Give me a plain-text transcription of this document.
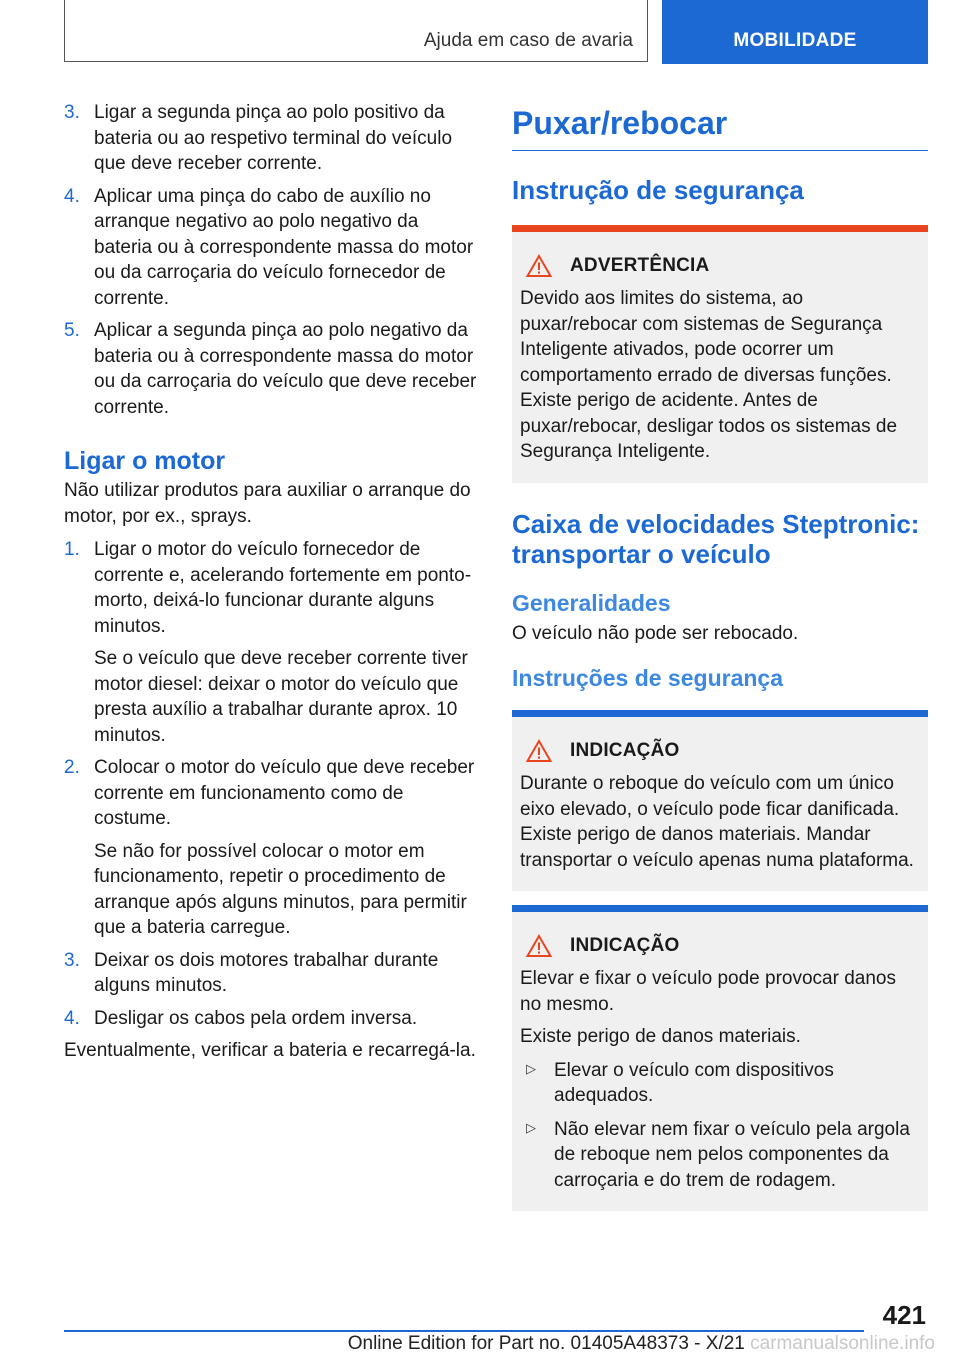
Ajuda em caso de avaria	MOBILIDADE
3. Ligar a segunda pinça ao polo positivo da bateria ou ao respetivo terminal do veículo que deve receber corrente.

4. Aplicar uma pinça do cabo de auxílio no arranque negativo ao polo negativo da bateria ou à correspondente massa do motor ou da carroçaria do veículo fornecedor de corrente.

5. Aplicar a segunda pinça ao polo negativo da bateria ou à correspondente massa do motor ou da carroçaria do veículo que deve receber corrente.

Ligar o motor

Não utilizar produtos para auxiliar o arranque do motor, por ex., sprays.

1. Ligar o motor do veículo fornecedor de corrente e, acelerando fortemente em ponto-morto, deixá-lo funcionar durante alguns minutos.

Se o veículo que deve receber corrente tiver motor diesel: deixar o motor do veículo que presta auxílio a trabalhar durante aprox. 10 minutos.

2. Colocar o motor do veículo que deve receber corrente em funcionamento como de costume.

Se não for possível colocar o motor em funcionamento, repetir o procedimento de arranque após alguns minutos, para permitir que a bateria carregue.

3. Deixar os dois motores trabalhar durante alguns minutos.

4. Desligar os cabos pela ordem inversa.

Eventualmente, verificar a bateria e recarregá-la.

Puxar/rebocar
Instrução de segurança
ADVERTÊNCIA

Devido aos limites do sistema, ao puxar/rebocar com sistemas de Segurança Inteligente ativados, pode ocorrer um comportamento errado de diversas funções. Existe perigo de acidente. Antes de puxar/rebocar, desligar todos os sistemas de Segurança Inteligente.

Caixa de velocidades Steptronic: transportar o veículo
Generalidades

O veículo não pode ser rebocado.

Instruções de segurança
INDICAÇÃO

Durante o reboque do veículo com um único eixo elevado, o veículo pode ficar danificada. Existe perigo de danos materiais. Mandar transportar o veículo apenas numa plataforma.

INDICAÇÃO

Elevar e fixar o veículo pode provocar danos no mesmo.

Existe perigo de danos materiais.

▷ Elevar o veículo com dispositivos adequados.

▷ Não elevar nem fixar o veículo pela argola de reboque nem pelos componentes da carroçaria e do trem de rodagem.

421
Online Edition for Part no. 01405A48373 - X/21 carmanualsonline.info
